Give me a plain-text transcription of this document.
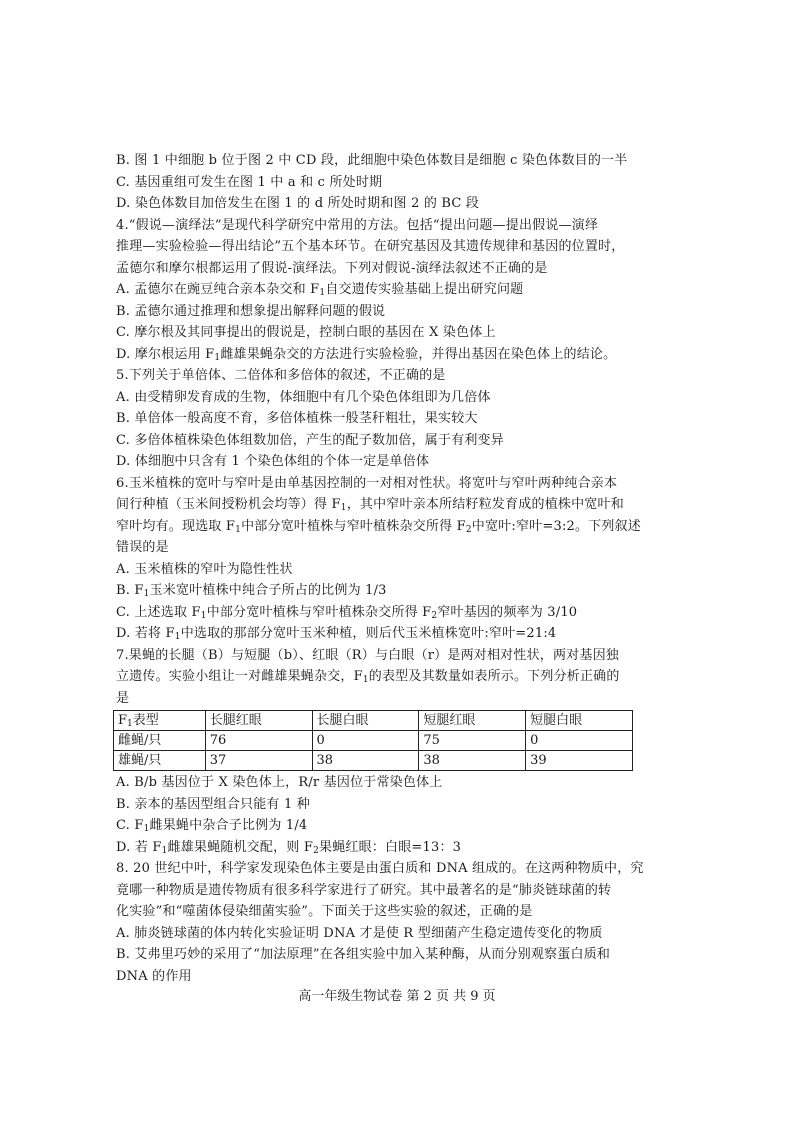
B. 图 1 中细胞 b 位于图 2 中 CD 段，此细胞中染色体数目是细胞 c 染色体数目的一半
C. 基因重组可发生在图 1 中 a 和 c 所处时期
D. 染色体数目加倍发生在图 1 的 d 所处时期和图 2 的 BC 段
4.“假说—演绎法”是现代科学研究中常用的方法。包括“提出问题—提出假说—演绎
推理—实验检验—得出结论”五个基本环节。在研究基因及其遗传规律和基因的位置时，
孟德尔和摩尔根都运用了假说-演绎法。下列对假说-演绎法叙述不正确的是
A. 孟德尔在豌豆纯合亲本杂交和 $F_1$自交遗传实验基础上提出研究问题
B. 孟德尔通过推理和想象提出解释问题的假说
C. 摩尔根及其同事提出的假说是，控制白眼的基因在 X 染色体上
D. 摩尔根运用 $F_1$雌雄果蝇杂交的方法进行实验检验，并得出基因在染色体上的结论。
5.下列关于单倍体、二倍体和多倍体的叙述，不正确的是
A. 由受精卵发育成的生物，体细胞中有几个染色体组即为几倍体
B. 单倍体一般高度不育，多倍体植株一般茎秆粗壮，果实较大
C. 多倍体植株染色体组数加倍，产生的配子数加倍，属于有利变异
D. 体细胞中只含有 1 个染色体组的个体一定是单倍体
6.玉米植株的宽叶与窄叶是由单基因控制的一对相对性状。将宽叶与窄叶两种纯合亲本
间行种植（玉米间授粉机会均等）得 $F_1$，其中窄叶亲本所结籽粒发育成的植株中宽叶和
窄叶均有。现选取 $F_1$中部分宽叶植株与窄叶植株杂交所得 $F_2$中宽叶:窄叶=3:2。下列叙述
错误的是
A. 玉米植株的窄叶为隐性性状
B. $F_1$玉米宽叶植株中纯合子所占的比例为 1/3
C. 上述选取 $F_1$中部分宽叶植株与窄叶植株杂交所得 $F_2$窄叶基因的频率为 3/10
D. 若将 $F_1$中选取的那部分宽叶玉米种植，则后代玉米植株宽叶:窄叶=21:4
7.果蝇的长腿（B）与短腿（b）、红眼（R）与白眼（r）是两对相对性状，两对基因独
立遗传。实验小组让一对雌雄果蝇杂交，$F_1$的表型及其数量如表所示。下列分析正确的
是
$F_1$表型	长腿红眼	长腿白眼	短腿红眼	短腿白眼
雌蝇/只	76	0	75	0
雄蝇/只	37	38	38	39
A. B/b 基因位于 X 染色体上，R/r 基因位于常染色体上
B. 亲本的基因型组合只能有 1 种
C. $F_1$雌果蝇中杂合子比例为 1/4
D. 若 $F_1$雌雄果蝇随机交配，则 $F_2$果蝇红眼：白眼=13：3
8. 20 世纪中叶，科学家发现染色体主要是由蛋白质和 DNA 组成的。在这两种物质中，究
竟哪一种物质是遗传物质有很多科学家进行了研究。其中最著名的是“肺炎链球菌的转
化实验”和“噬菌体侵染细菌实验”。下面关于这些实验的叙述，正确的是
A. 肺炎链球菌的体内转化实验证明 DNA 才是使 R 型细菌产生稳定遗传变化的物质
B. 艾弗里巧妙的采用了“加法原理”在各组实验中加入某种酶，从而分别观察蛋白质和
DNA 的作用
高一年级生物试卷 第 2 页 共 9 页
